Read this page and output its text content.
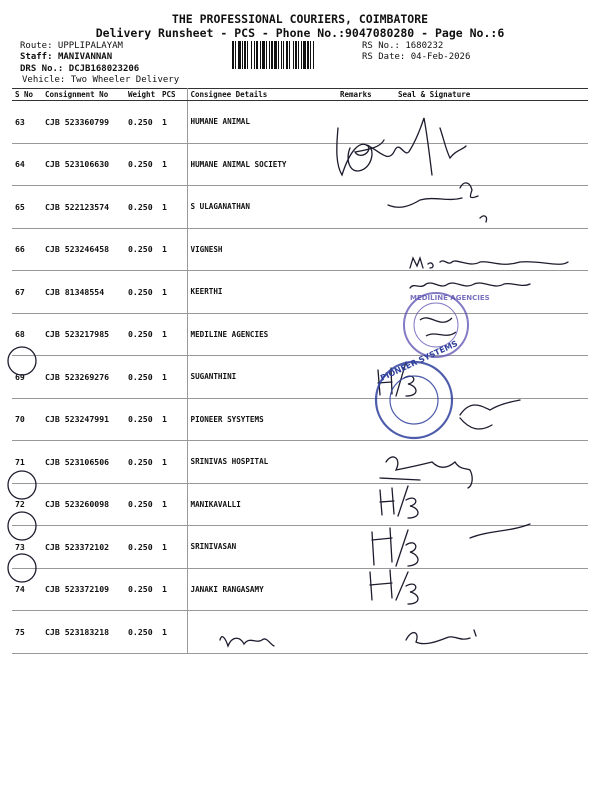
THE PROFESSIONAL COURIERS, COIMBATORE
Delivery Runsheet - PCS - Phone No.:9047080280 - Page No.:6
Route: UPPLIPALAYAM
Staff: MANIVANNAN
DRS No.: DCJB168023206
Vehicle: Two Wheeler Delivery
RS No.: 1680232
RS Date: 04-Feb-2026
S No	Consignment No	Weight	PCS	Consignee Details	Remarks	Seal & Signature
63	CJB 523360799	0.250	1	HUMANE ANIMAL		
64	CJB 523106630	0.250	1	HUMANE ANIMAL SOCIETY		
65	CJB 522123574	0.250	1	S ULAGANATHAN		
66	CJB 523246458	0.250	1	VIGNESH		
67	CJB 81348554	0.250	1	KEERTHI		
68	CJB 523217985	0.250	1	MEDILINE AGENCIES		
69	CJB 523269276	0.250	1	SUGANTHINI		
70	CJB 523247991	0.250	1	PIONEER SYSYTEMS		
71	CJB 523106506	0.250	1	SRINIVAS HOSPITAL		
72	CJB 523260098	0.250	1	MANIKAVALLI		
73	CJB 523372102	0.250	1	SRINIVASAN		
74	CJB 523372109	0.250	1	JANAKI RANGASAMY		
75	CJB 523183218	0.250	1			
MEDILINE AGENCIES
PIONEER SYSTEMS
